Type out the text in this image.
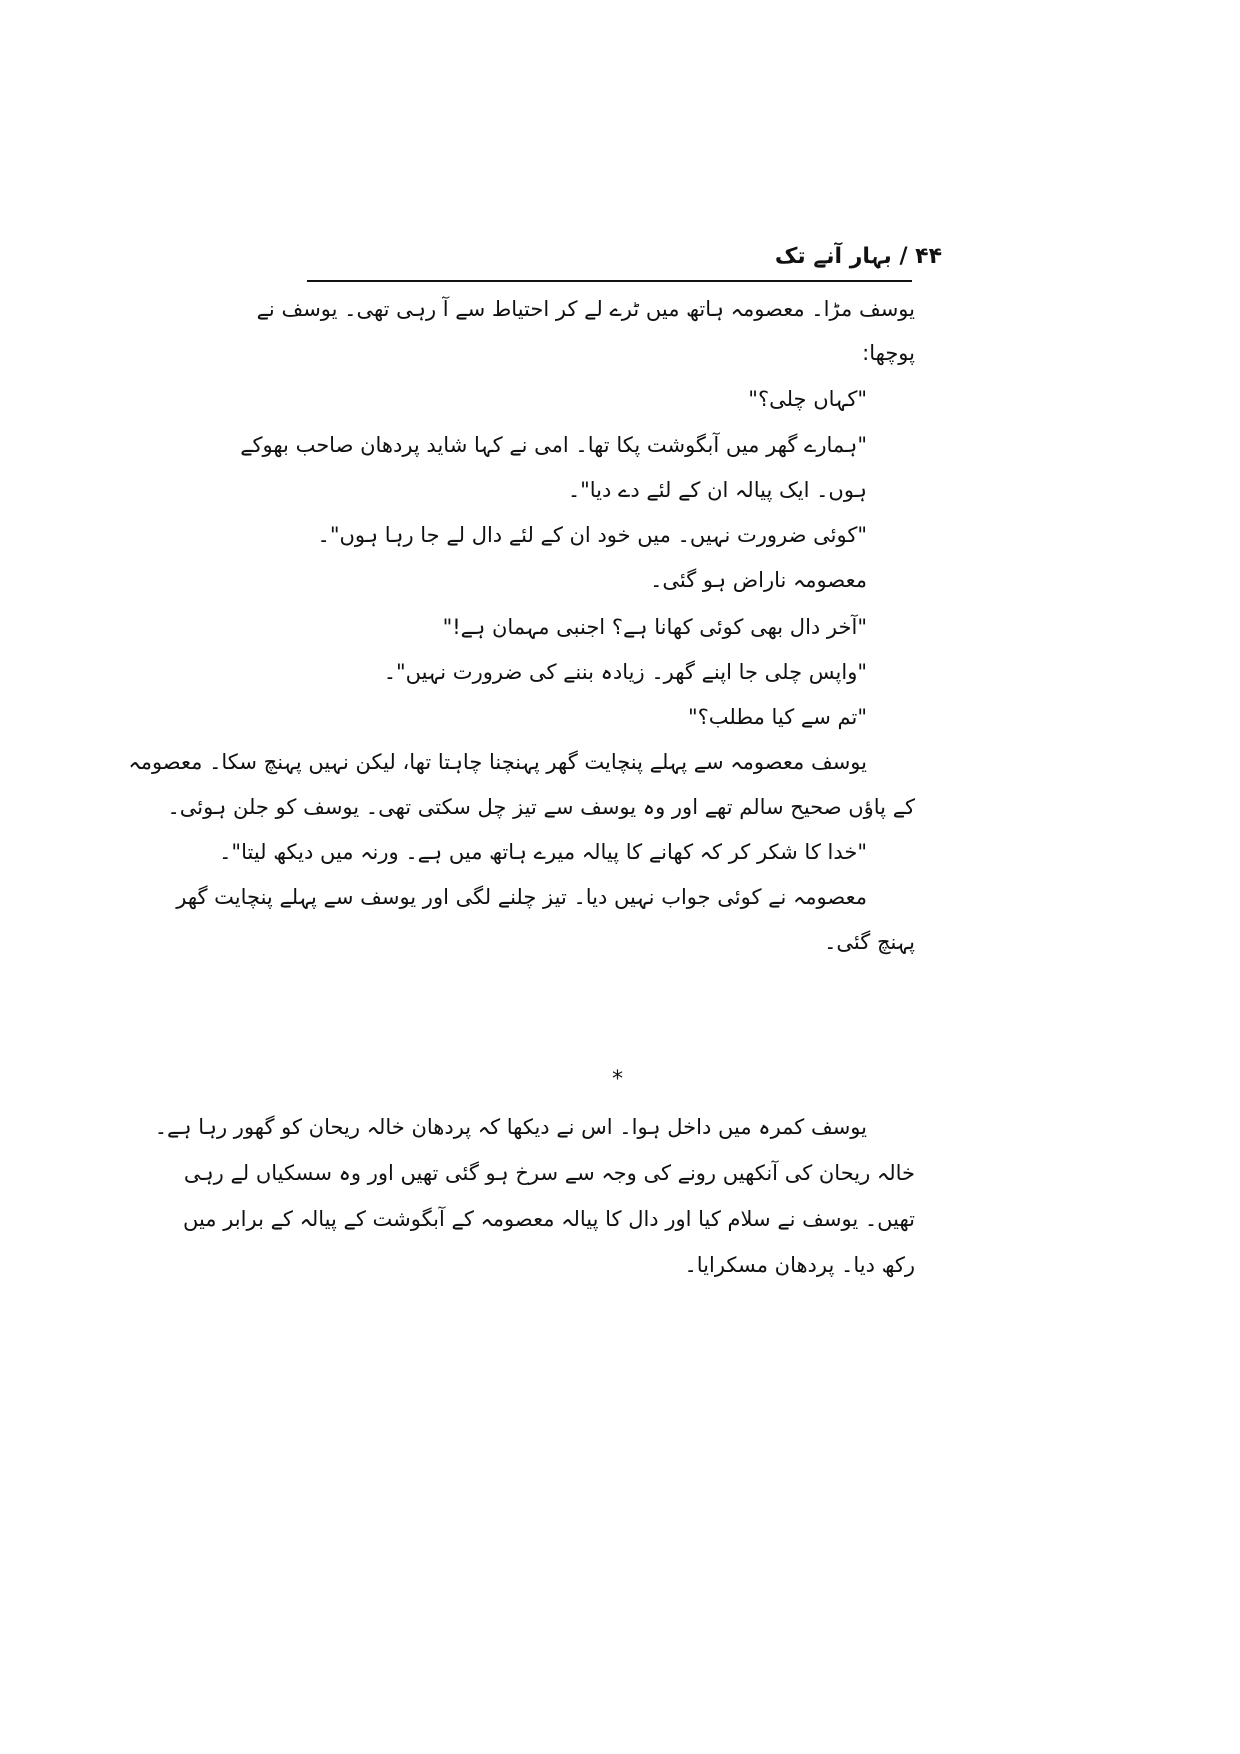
۴۴ / بہار آنے تک
یوسف مڑا۔ معصومہ ہاتھ میں ٹرے لے کر احتیاط سے آ رہی تھی۔ یوسف نے
پوچھا:
"کہاں چلی؟"
"ہمارے گھر میں آبگوشت پکا تھا۔ امی نے کہا شاید پردھان صاحب بھوکے
ہوں۔ ایک پیالہ ان کے لئے دے دیا"۔
"کوئی ضرورت نہیں۔ میں خود ان کے لئے دال لے جا رہا ہوں"۔
معصومہ ناراض ہو گئی۔
"آخر دال بھی کوئی کھانا ہے؟ اجنبی مہمان ہے!"
"واپس چلی جا اپنے گھر۔ زیادہ بننے کی ضرورت نہیں"۔
"تم سے کیا مطلب؟"
یوسف معصومہ سے پہلے پنچایت گھر پہنچنا چاہتا تھا، لیکن نہیں پہنچ سکا۔ معصومہ
کے پاؤں صحیح سالم تھے اور وہ یوسف سے تیز چل سکتی تھی۔ یوسف کو جلن ہوئی۔
"خدا کا شکر کر کہ کھانے کا پیالہ میرے ہاتھ میں ہے۔ ورنہ میں دیکھ لیتا"۔
معصومہ نے کوئی جواب نہیں دیا۔ تیز چلنے لگی اور یوسف سے پہلے پنچایت گھر
پہنچ گئی۔
*
یوسف کمرہ میں داخل ہوا۔ اس نے دیکھا کہ پردھان خالہ ریحان کو گھور رہا ہے۔
خالہ ریحان کی آنکھیں رونے کی وجہ سے سرخ ہو گئی تھیں اور وہ سسکیاں لے رہی
تھیں۔ یوسف نے سلام کیا اور دال کا پیالہ معصومہ کے آبگوشت کے پیالہ کے برابر میں
رکھ دیا۔ پردھان مسکرایا۔
